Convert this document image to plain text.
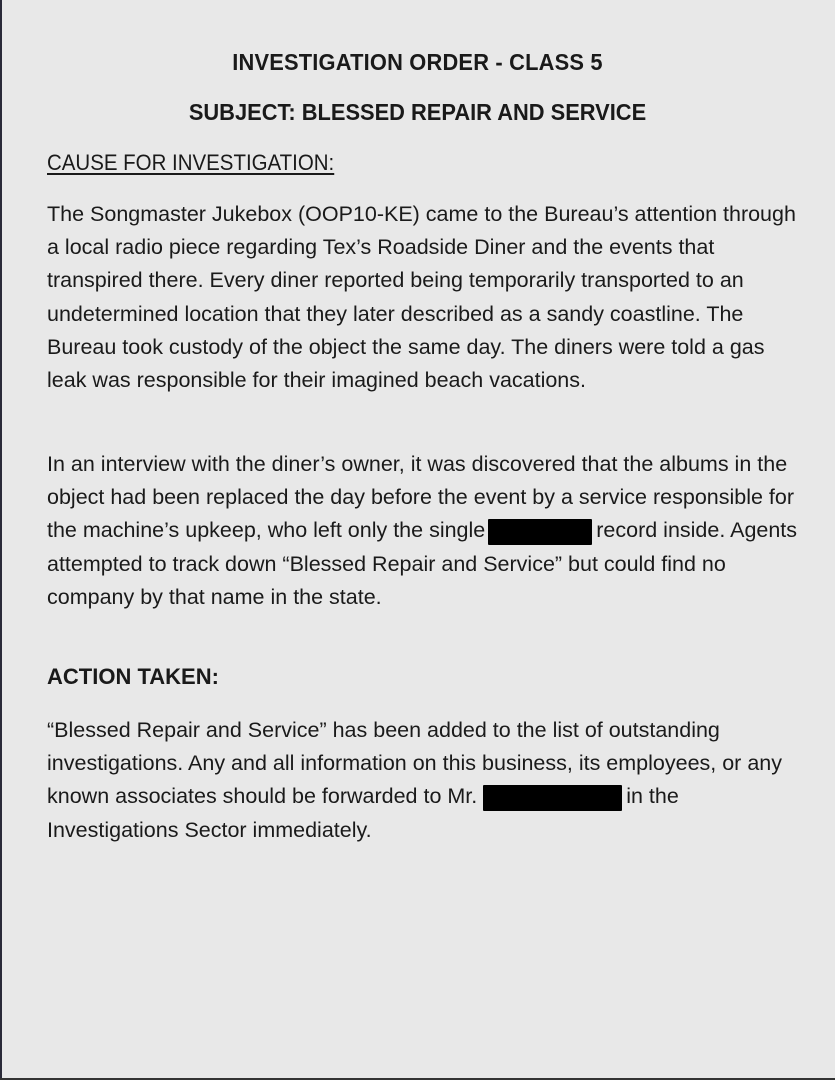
INVESTIGATION ORDER - CLASS 5
SUBJECT: BLESSED REPAIR AND SERVICE
CAUSE FOR INVESTIGATION:
The Songmaster Jukebox (OOP10-KE) came to the Bureau’s attention through a local radio piece regarding Tex’s Roadside Diner and the events that transpired there. Every diner reported being temporarily transported to an undetermined location that they later described as a sandy coastline. The Bureau took custody of the object the same day. The diners were told a gas leak was responsible for their imagined beach vacations.
In an interview with the diner’s owner, it was discovered that the albums in the object had been replaced the day before the event by a service responsible for the machine’s upkeep, who left only the single	record inside. Agents attempted to track down “Blessed Repair and Service” but could find no company by that name in the state.
ACTION TAKEN:
“Blessed Repair and Service” has been added to the list of outstanding investigations. Any and all information on this business, its employees, or any known associates should be forwarded to Mr.	in the Investigations Sector immediately.
